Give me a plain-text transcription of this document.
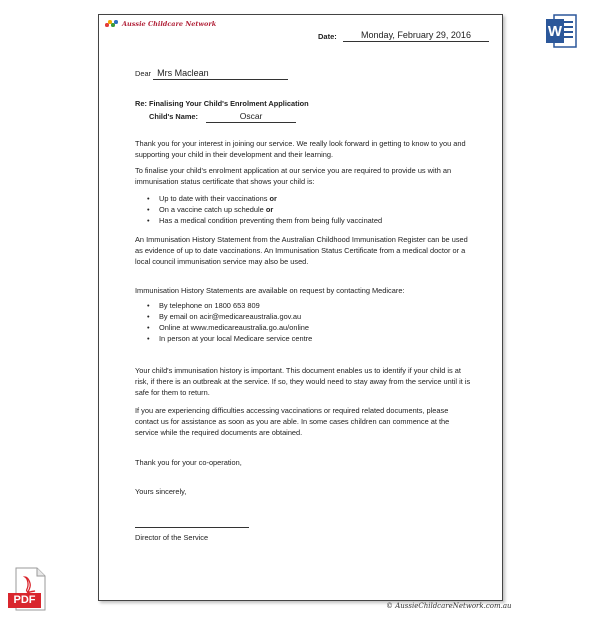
Aussie Childcare Network
Date:	Monday, February 29, 2016
Dear Mrs Maclean
Re: Finalising Your Child's Enrolment Application
Child's Name:	Oscar
Thank you for your interest in joining our service. We really look forward in getting to know to you and supporting your child in their development and their learning.
To finalise your child's enrolment application at our service you are required to provide us with an immunisation status certificate that shows your child is:
• Up to date with their vaccinations or
• On a vaccine catch up schedule or
• Has a medical condition preventing them from being fully vaccinated
An Immunisation History Statement from the Australian Childhood Immunisation Register can be used as evidence of up to date vaccinations. An Immunisation Status Certificate from a medical doctor or a local council immunisation service may also be used.
Immunisation History Statements are available on request by contacting Medicare:
• By telephone on 1800 653 809
• By email on acir@medicareaustralia.gov.au
• Online at www.medicareaustralia.go.au/online
• In person at your local Medicare service centre
Your child's immunisation history is important. This document enables us to identify if your child is at risk, if there is an outbreak at the service. If so, they would need to stay away from the service until it is safe for them to return.
If you are experiencing difficulties accessing vaccinations or required related documents, please contact us for assistance as soon as you are able. In some cases children can commence at the service while the required documents are obtained.
Thank you for your co-operation,
Yours sincerely,
Director of the Service
W
PDF	© AussieChildcareNetwork.com.au
